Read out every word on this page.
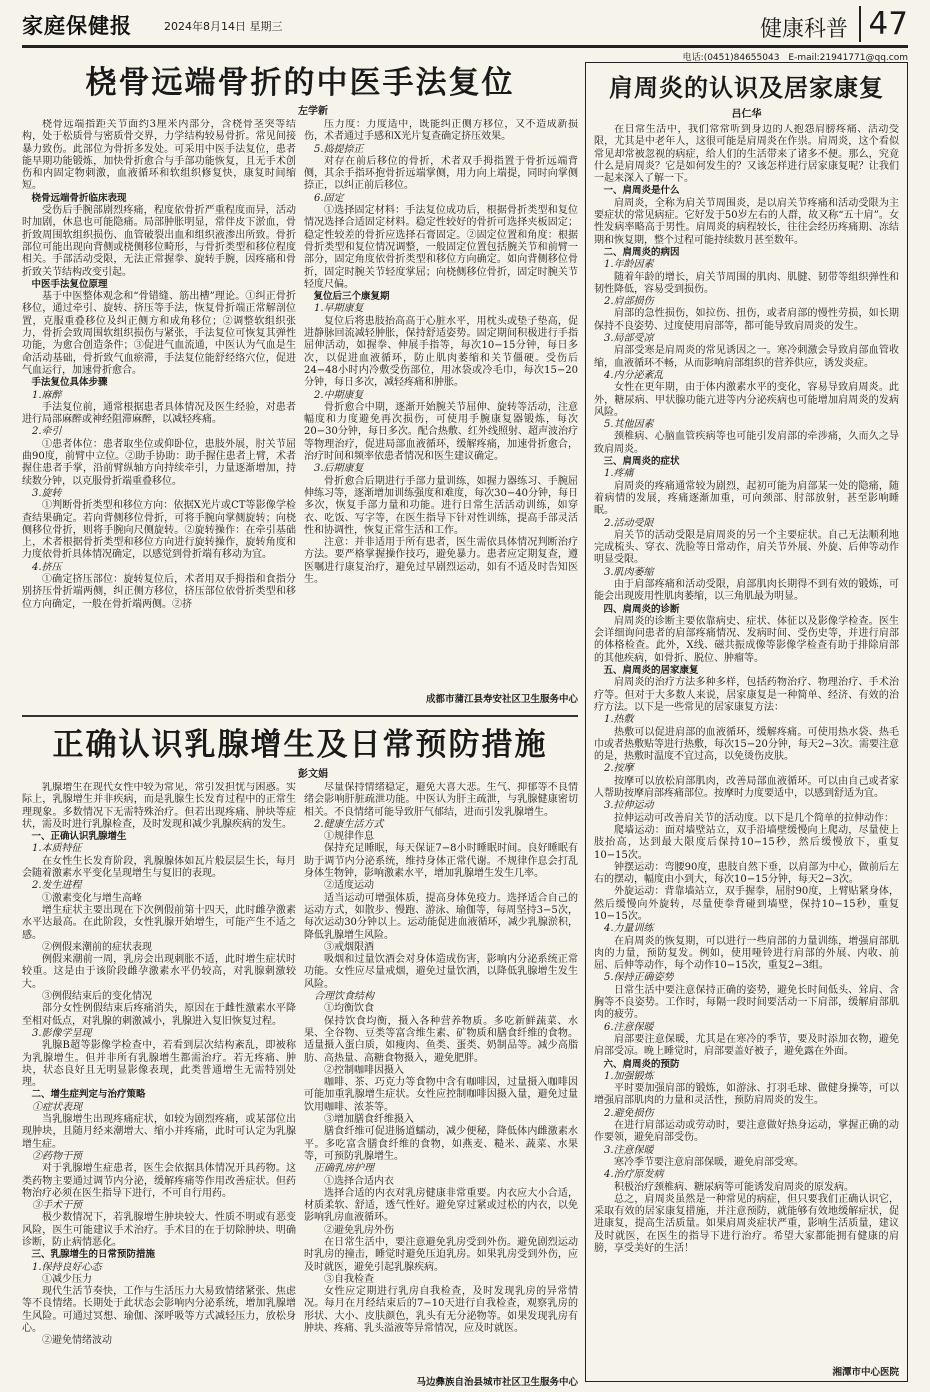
家庭保健报	2024年8月14日 星期三	健康科普 47
电话:(0451)84655043　E-mail:21941771@qq.com
桡骨远端骨折的中医手法复位
左学新
桡骨远端指距关节面约3厘米内部分，含桡骨茎突等结构，处于松质骨与密质骨交界，力学结构较易骨折。常见间接暴力致伤。此部位为骨折多发处。可采用中医手法复位，患者能早期功能锻炼，加快骨折愈合与手部功能恢复，且无手术创伤和内固定物刺激，血液循环和软组织修复快，康复时间缩短。
桡骨远端骨折临床表现
受伤后手腕部剧烈疼痛，程度依骨折严重程度而异，活动时加剧，休息也可能隐痛。局部肿胀明显，常伴皮下淤血，骨折致周围软组织损伤、血管破裂出血和组织液渗出所致。骨折部位可能出现向背侧或桡侧移位畸形，与骨折类型和移位程度相关。手部活动受限，无法正常握拳、旋转手腕，因疼痛和骨折致关节结构改变引起。
中医手法复位原理
基于中医整体观念和“骨错缝、筋出槽”理论。①纠正骨折移位，通过牵引、旋转、挤压等手法，恢复骨折端正常解剖位置，克服重叠移位及纠正侧方和成角移位；②调整软组织张力，骨折会致周围软组织损伤与紧张，手法复位可恢复其弹性功能，为愈合创造条件；③促进气血流通，中医认为气血是生命活动基础，骨折致气血瘀滞，手法复位能舒经络穴位，促进气血运行，加速骨折愈合。
手法复位具体步骤
1.麻醉
手法复位前，通常根据患者具体情况及医生经验，对患者进行局部麻醉或神经阻滞麻醉，以减轻疼痛。
2.牵引
①患者体位：患者取坐位或仰卧位，患肢外展，肘关节屈曲90度，前臂中立位。②助手协助：助手握住患者上臂，术者握住患者手掌，沿前臂纵轴方向持续牵引，力量逐渐增加，持续数分钟，以克服骨折端重叠移位。
3.旋转
①判断骨折类型和移位方向：依据X光片或CT等影像学检查结果确定。若向背侧移位骨折，可将手腕向掌侧旋转；向桡侧移位骨折，则将手腕向尺侧旋转。②旋转操作：在牵引基础上，术者根据骨折类型和移位方向进行旋转操作，旋转角度和力度依骨折具体情况确定，以感觉到骨折端有移动为宜。
4.挤压
①确定挤压部位：旋转复位后，术者用双手拇指和食指分别挤压骨折端两侧，纠正侧方移位，挤压部位依骨折类型和移位方向确定，一般在骨折端两侧。②挤
压力度：力度适中，既能纠正侧方移位，又不造成新损伤，术者通过手感和X光片复查确定挤压效果。
5.捣提捺正
对存在前后移位的骨折，术者双手拇指置于骨折远端背侧，其余手指环抱骨折远端掌侧，用力向上端提，同时向掌侧捺正，以纠正前后移位。
6.固定
①选择固定材料：手法复位成功后，根据骨折类型和复位情况选择合适固定材料。稳定性较好的骨折可选择夹板固定；稳定性较差的骨折应选择石膏固定。②固定位置和角度：根据骨折类型和复位情况调整，一般固定位置包括腕关节和前臂一部分，固定角度依骨折类型和移位方向确定。如向背侧移位骨折，固定时腕关节轻度掌屈；向桡侧移位骨折，固定时腕关节轻度尺偏。
复位后三个康复期
1.早期康复
复位后将患肢抬高高于心脏水平，用枕头或垫子垫高，促进静脉回流减轻肿胀，保持舒适姿势。固定期间积极进行手指屈伸活动，如握拳、伸展手指等，每次10−15分钟，每日多次，以促进血液循环，防止肌肉萎缩和关节僵硬。受伤后24−48小时内冷敷受伤部位，用冰袋或冷毛巾，每次15−20分钟，每日多次，减轻疼痛和肿胀。
2.中期康复
骨折愈合中期，逐渐开始腕关节屈伸、旋转等活动，注意幅度和力度避免再次损伤，可使用手腕康复器锻炼，每次20−30分钟，每日多次。配合热敷、红外线照射、超声波治疗等物理治疗，促进局部血液循环，缓解疼痛，加速骨折愈合，治疗时间和频率依患者情况和医生建议确定。
3.后期康复
骨折愈合后期进行手部力量训练，如握力器练习、手腕屈伸练习等，逐渐增加训练强度和难度，每次30−40分钟，每日多次，恢复手部力量和功能。进行日常生活活动训练，如穿衣、吃饭、写字等，在医生指导下针对性训练，提高手部灵活性和协调性，恢复正常生活和工作。
注意：并非适用于所有患者，医生需依具体情况判断治疗方法。要严格掌握操作技巧，避免暴力。患者应定期复查，遵医嘱进行康复治疗，避免过早剧烈运动，如有不适及时告知医生。
成都市蒲江县寿安社区卫生服务中心
正确认识乳腺增生及日常预防措施
彭文娟
乳腺增生在现代女性中较为常见，常引发担忧与困惑。实际上，乳腺增生并非疾病，而是乳腺生长发育过程中的正常生理现象。多数情况下无需特殊治疗。但若出现疼痛、肿块等症状，需及时进行乳腺检查，及时发现和减少乳腺疾病的发生。
一、正确认识乳腺增生
1.本质特征
在女性生长发育阶段，乳腺腺体如瓦片般层层生长，每月会随着激素水平变化呈现增生与复旧的表现。
2.发生进程
①激素变化与增生高峰
增生症状主要出现在下次例假前第十四天，此时雌孕激素水平达最高。在此阶段，女性乳腺开始增生，可能产生不适之感。
②例假来潮前的症状表现
例假来潮前一周，乳房会出现刺胀不适，此时增生症状时较重。这是由于该阶段雌孕激素水平仍较高，对乳腺刺激较大。
③例假结束后的变化情况
部分女性例假结束后疼痛消失，原因在于雌性激素水平降至相对低点，对乳腺的刺激减小，乳腺进入复旧恢复过程。
3.影像学呈现
乳腺B超等影像学检查中，若看到层次结构紊乱，即被称为乳腺增生。但并非所有乳腺增生都需治疗。若无疼痛、肿块，状态良好且无明显影像表现，此类普通增生无需特别处理。
二、增生症判定与治疗策略
①症状表现
当乳腺增生出现疼痛症状，如较为剧烈疼痛，或某部位出现肿块，且随月经来潮增大、缩小并疼痛，此时可认定为乳腺增生症。
②药物干预
对于乳腺增生症患者，医生会依据具体情况开具药物。这类药物主要通过调节内分泌，缓解疼痛等作用改善症状。但药物治疗必须在医生指导下进行，不可自行用药。
③手术干预
极少数情况下，若乳腺增生肿块较大、性质不明或有恶变风险，医生可能建议手术治疗。手术目的在于切除肿块、明确诊断，防止病情恶化。
三、乳腺增生的日常预防措施
1.保持良好心态
①减少压力
现代生活节奏快，工作与生活压力大易致情绪紧张、焦虑等不良情绪。长期处于此状态会影响内分泌系统，增加乳腺增生风险。可通过冥想、瑜伽、深呼吸等方式减轻压力，放松身心。
②避免情绪波动
尽量保持情绪稳定，避免大喜大悲。生气、抑郁等不良情绪会影响肝脏疏泄功能。中医认为肝主疏泄，与乳腺健康密切相关。不良情绪可能导致肝气郁结，进而引发乳腺增生。
2.健康生活方式
①规律作息
保持充足睡眠，每天保证7−8小时睡眠时间。良好睡眠有助于调节内分泌系统，维持身体正常代谢。不规律作息会打乱身体生物钟，影响激素水平，增加乳腺增生发生几率。
②适度运动
适当运动可增强体质，提高身体免疫力。选择适合自己的运动方式，如散步、慢跑、游泳、瑜伽等，每周坚持3−5次，每次运动30分钟以上。运动能促进血液循环，减少乳腺淤积，降低乳腺增生风险。
③戒烟限酒
吸烟和过量饮酒会对身体造成伤害，影响内分泌系统正常功能。女性应尽量戒烟，避免过量饮酒，以降低乳腺增生发生风险。
合理饮食结构
①均衡饮食
保持饮食均衡，摄入各种营养物质。多吃新鲜蔬菜、水果、全谷物、豆类等富含维生素、矿物质和膳食纤维的食物。适量摄入蛋白质，如瘦肉、鱼类、蛋类、奶制品等。减少高脂肪、高热量、高糖食物摄入，避免肥胖。
②控制咖啡因摄入
咖啡、茶、巧克力等食物中含有咖啡因，过量摄入咖啡因可能加重乳腺增生症状。女性应控制咖啡因摄入量，避免过量饮用咖啡、浓茶等。
③增加膳食纤维摄入
膳食纤维可促进肠道蠕动，减少便秘，降低体内雌激素水平。多吃富含膳食纤维的食物，如燕麦、糙米、蔬菜、水果等，可预防乳腺增生。
正确乳房护理
①选择合适内衣
选择合适的内衣对乳房健康非常重要。内衣应大小合适，材质柔软、舒适，透气性好。避免穿过紧或过松的内衣，以免影响乳房血液循环。
②避免乳房外伤
在日常生活中，要注意避免乳房受到外伤。避免剧烈运动时乳房的撞击，睡觉时避免压迫乳房。如果乳房受到外伤，应及时就医，避免引起乳腺疾病。
③自我检查
女性应定期进行乳房自我检查，及时发现乳房的异常情况。每月在月经结束后的7−10天进行自我检查，观察乳房的形状、大小、皮肤颜色，乳头有无分泌物等。如果发现乳房有肿块、疼痛、乳头溢液等异常情况，应及时就医。
马边彝族自治县城市社区卫生服务中心
肩周炎的认识及居家康复
吕仁华
在日常生活中，我们常常听到身边的人抱怨肩膀疼痛、活动受限，尤其是中老年人，这很可能是肩周炎在作祟。肩周炎，这个看似常见却常被忽视的病症，给人们的生活带来了诸多不便。那么，究竟什么是肩周炎？它是如何发生的？又该怎样进行居家康复呢？让我们一起来深入了解一下。
一、肩周炎是什么
肩周炎，全称为肩关节周围炎，是以肩关节疼痛和活动受限为主要症状的常见病症。它好发于50岁左右的人群，故又称“五十肩”。女性发病率略高于男性。肩周炎的病程较长，往往会经历疼痛期、冻结期和恢复期，整个过程可能持续数月甚至数年。
二、肩周炎的病因
1.年龄因素
随着年龄的增长，肩关节周围的肌肉、肌腱、韧带等组织弹性和韧性降低，容易受到损伤。
2.肩部损伤
肩部的急性损伤，如拉伤、扭伤，或者肩部的慢性劳损，如长期保持不良姿势、过度使用肩部等，都可能导致肩周炎的发生。
3.局部受凉
肩部受寒是肩周炎的常见诱因之一。寒冷刺激会导致肩部血管收缩，血液循环不畅，从而影响肩部组织的营养供应，诱发炎症。
4.内分泌紊乱
女性在更年期，由于体内激素水平的变化，容易导致肩周炎。此外，糖尿病、甲状腺功能亢进等内分泌疾病也可能增加肩周炎的发病风险。
5.其他因素
颈椎病、心脑血管疾病等也可能引发肩部的牵涉痛，久而久之导致肩周炎。
三、肩周炎的症状
1.疼痛
肩周炎的疼痛通常较为剧烈，起初可能为肩部某一处的隐痛，随着病情的发展，疼痛逐渐加重，可向颈部、肘部放射，甚至影响睡眠。
2.活动受限
肩关节的活动受限是肩周炎的另一个主要症状。自己无法顺利地完成梳头、穿衣、洗脸等日常动作，肩关节外展、外旋、后伸等动作明显受限。
3.肌肉萎缩
由于肩部疼痛和活动受限，肩部肌肉长期得不到有效的锻炼，可能会出现废用性肌肉萎缩，以三角肌最为明显。
四、肩周炎的诊断
肩周炎的诊断主要依靠病史、症状、体征以及影像学检查。医生会详细询问患者的肩部疼痛情况、发病时间、受伤史等，并进行肩部的体格检查。此外，X线、磁共振成像等影像学检查有助于排除肩部的其他疾病，如骨折、脱位、肿瘤等。
五、肩周炎的居家康复
肩周炎的治疗方法多种多样，包括药物治疗、物理治疗、手术治疗等。但对于大多数人来说，居家康复是一种简单、经济、有效的治疗方法。以下是一些常见的居家康复方法：
1.热敷
热敷可以促进肩部的血液循环，缓解疼痛。可使用热水袋、热毛巾或者热敷贴等进行热敷，每次15−20分钟，每天2−3次。需要注意的是，热敷时温度不宜过高，以免烫伤皮肤。
2.按摩
按摩可以放松肩部肌肉，改善局部血液循环。可以由自己或者家人帮助按摩肩部疼痛部位。按摩时力度要适中，以感到舒适为宜。
3.拉伸运动
拉伸运动可改善肩关节的活动度。以下是几个简单的拉伸动作：
爬墙运动：面对墙壁站立，双手沿墙壁缓慢向上爬动，尽量使上肢抬高，达到最大限度后保持10−15秒，然后缓慢放下，重复10−15次。
钟摆运动：弯腰90度，患肢自然下垂，以肩部为中心，做前后左右的摆动，幅度由小到大，每次10−15分钟，每天2−3次。
外旋运动：背靠墙站立，双手握拳，屈肘90度，上臂贴紧身体，然后缓慢向外旋转，尽量使拳背碰到墙壁，保持10−15秒，重复10−15次。
4.力量训练
在肩周炎的恢复期，可以进行一些肩部的力量训练，增强肩部肌肉的力量，预防复发。例如，使用哑铃进行肩部的外展、内收、前屈、后伸等动作，每个动作10−15次，重复2−3组。
5.保持正确姿势
日常生活中要注意保持正确的姿势，避免长时间低头、耸肩、含胸等不良姿势。工作时，每隔一段时间要活动一下肩部，缓解肩部肌肉的疲劳。
6.注意保暖
肩部要注意保暖，尤其是在寒冷的季节，要及时添加衣物，避免肩部受凉。晚上睡觉时，肩部要盖好被子，避免露在外面。
六、肩周炎的预防
1.加强锻炼
平时要加强肩部的锻炼，如游泳、打羽毛球、做健身操等，可以增强肩部肌肉的力量和灵活性，预防肩周炎的发生。
2.避免损伤
在进行肩部运动或劳动时，要注意做好热身运动，掌握正确的动作要领，避免肩部受伤。
3.注意保暖
寒冷季节要注意肩部保暖，避免肩部受寒。
4.治疗原发病
积极治疗颈椎病、糖尿病等可能诱发肩周炎的原发病。
总之，肩周炎虽然是一种常见的病症，但只要我们正确认识它，采取有效的居家康复措施，并注意预防，就能够有效地缓解症状，促进康复，提高生活质量。如果肩周炎症状严重，影响生活质量，建议及时就医，在医生的指导下进行治疗。希望大家都能拥有健康的肩膀，享受美好的生活！
湘潭市中心医院
